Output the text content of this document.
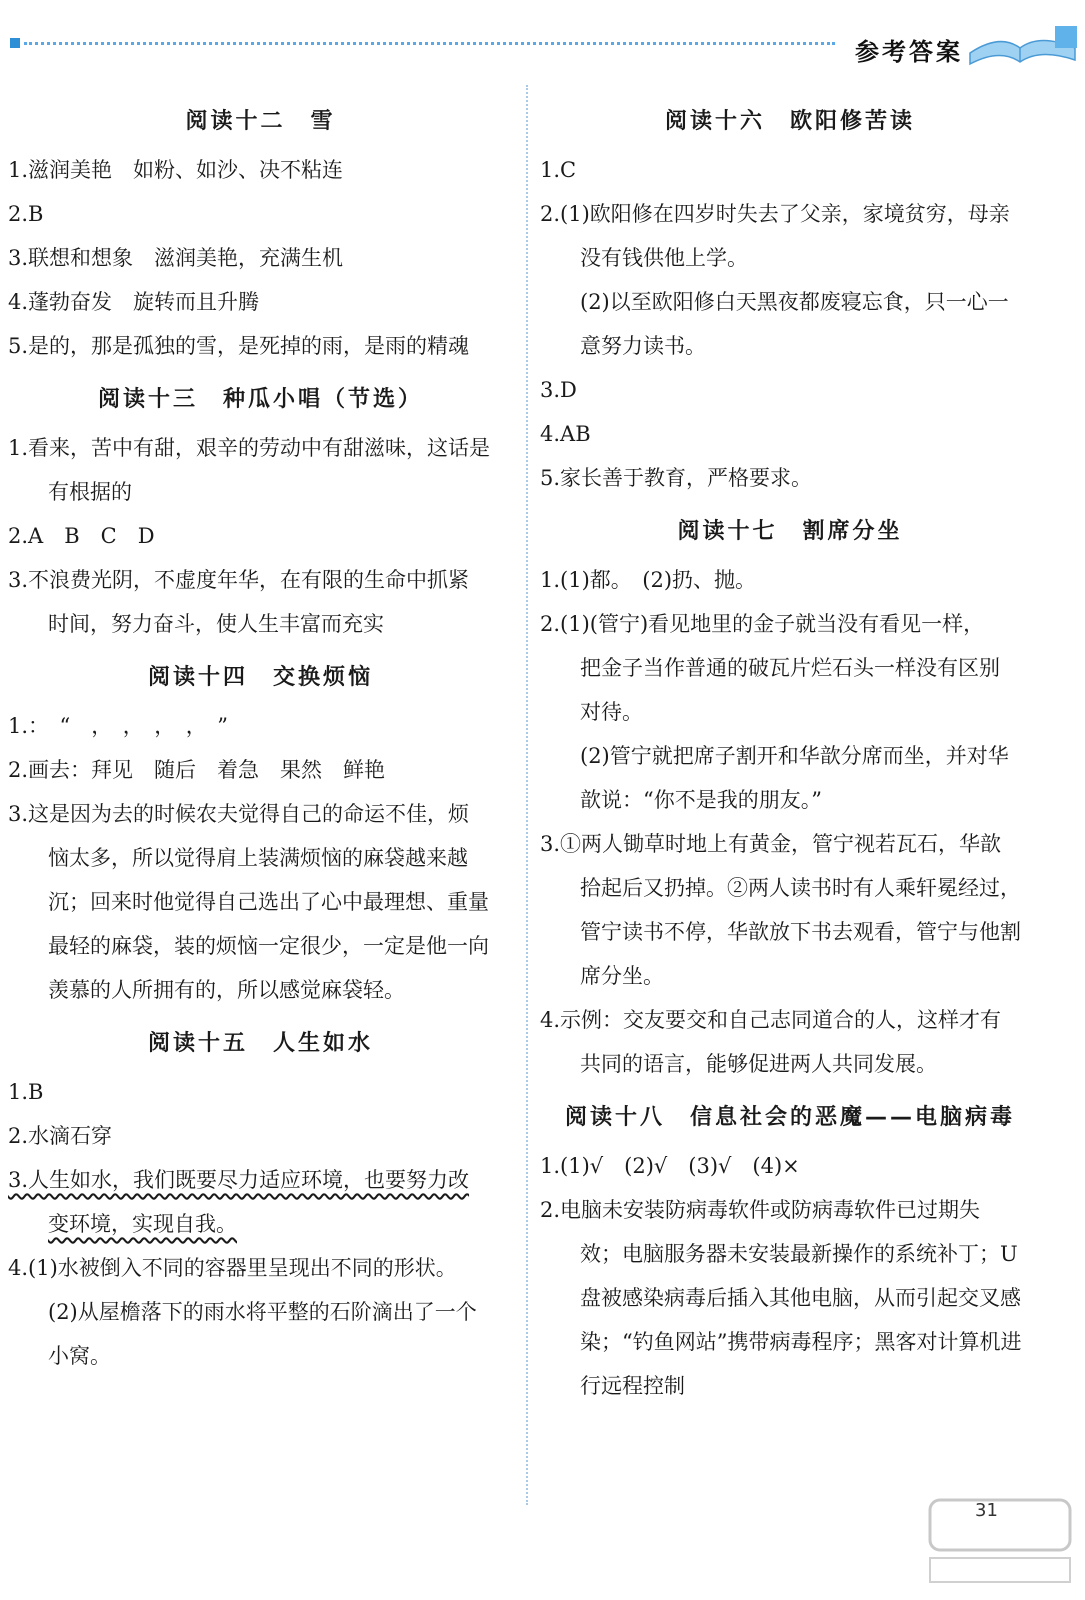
参考答案
阅读十二　雪
1.滋润美艳　如粉、如沙、决不粘连
2.B
3.联想和想象　滋润美艳，充满生机
4.蓬勃奋发　旋转而且升腾
5.是的，那是孤独的雪，是死掉的雨，是雨的精魂
阅读十三　种瓜小唱（节选）
1.看来，苦中有甜，艰辛的劳动中有甜滋味，这话是
有根据的
2.A　B　C　D
3.不浪费光阴，不虚度年华，在有限的生命中抓紧
时间，努力奋斗，使人生丰富而充实
阅读十四　交换烦恼
1.：　“　，　，　，　，　”
2.画去：拜见　随后　着急　果然　鲜艳
3.这是因为去的时候农夫觉得自己的命运不佳，烦
恼太多，所以觉得肩上装满烦恼的麻袋越来越
沉；回来时他觉得自己选出了心中最理想、重量
最轻的麻袋，装的烦恼一定很少，一定是他一向
羡慕的人所拥有的，所以感觉麻袋轻。
阅读十五　人生如水
1.B
2.水滴石穿
3.人生如水，我们既要尽力适应环境，也要努力改
变环境，实现自我。
4.(1)水被倒入不同的容器里呈现出不同的形状。
(2)从屋檐落下的雨水将平整的石阶滴出了一个
小窝。
阅读十六　欧阳修苦读
1.C
2.(1)欧阳修在四岁时失去了父亲，家境贫穷，母亲
没有钱供他上学。
(2)以至欧阳修白天黑夜都废寝忘食，只一心一
意努力读书。
3.D
4.AB
5.家长善于教育，严格要求。
阅读十七　割席分坐
1.(1)都。　(2)扔、抛。
2.(1)(管宁)看见地里的金子就当没有看见一样，
把金子当作普通的破瓦片烂石头一样没有区别
对待。
(2)管宁就把席子割开和华歆分席而坐，并对华
歆说：“你不是我的朋友。”
3.①两人锄草时地上有黄金，管宁视若瓦石，华歆
拾起后又扔掉。②两人读书时有人乘轩冕经过，
管宁读书不停，华歆放下书去观看，管宁与他割
席分坐。
4.示例：交友要交和自己志同道合的人，这样才有
共同的语言，能够促进两人共同发展。
阅读十八　信息社会的恶魔——电脑病毒
1.(1)√　(2)√　(3)√　(4)×
2.电脑未安装防病毒软件或防病毒软件已过期失
效；电脑服务器未安装最新操作的系统补丁；U
盘被感染病毒后插入其他电脑，从而引起交叉感
染；“钓鱼网站”携带病毒程序；黑客对计算机进
行远程控制
31
